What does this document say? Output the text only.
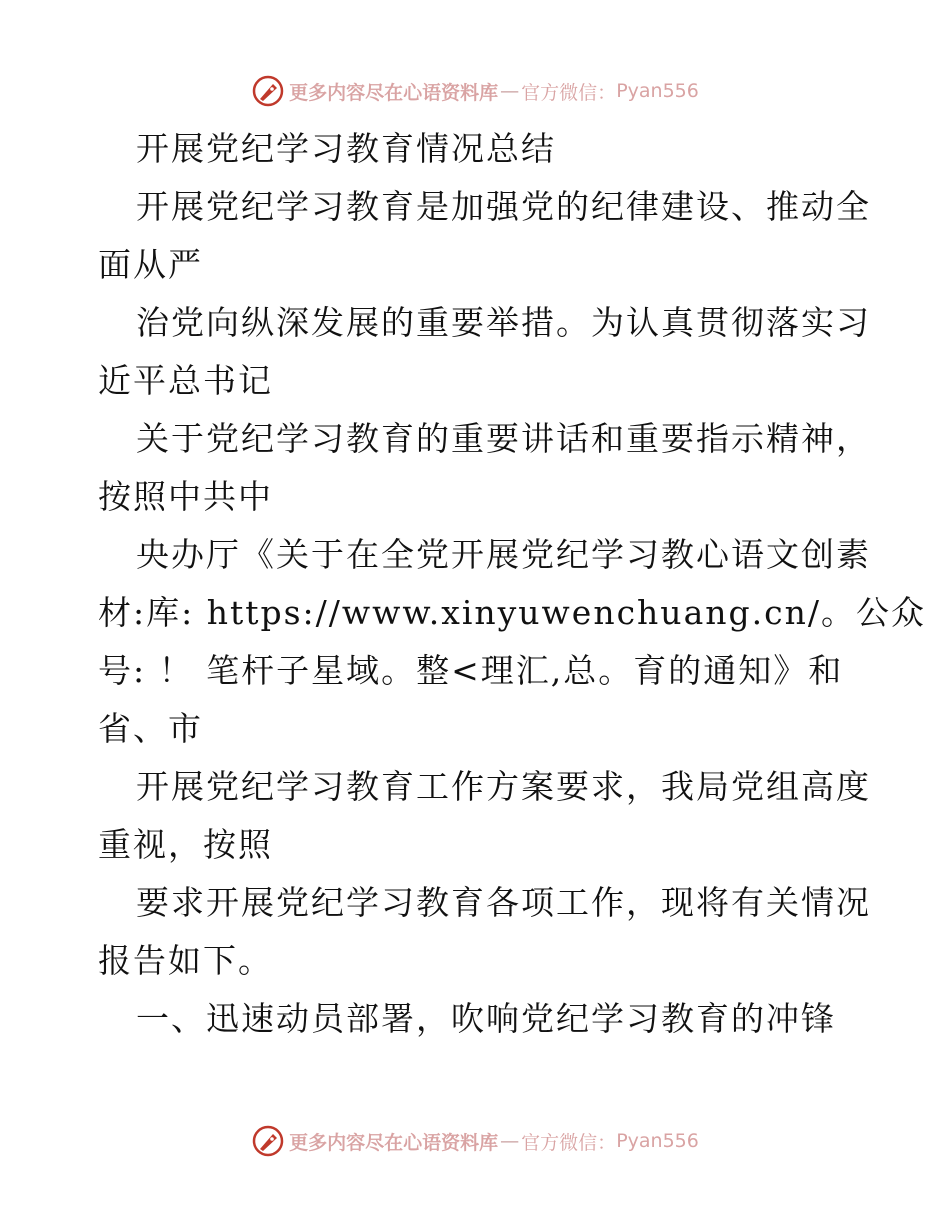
更多内容尽在心语资料库 — 官方微信： Pyan556
开展党纪学习教育情况总结
开展党纪学习教育是加强党的纪律建设、推动全
面从严
治党向纵深发展的重要举措。为认真贯彻落实习
近平总书记
关于党纪学习教育的重要讲话和重要指示精神，
按照中共中
央办厅《关于在全党开展党纪学习教心语文创素
材:库: https://www.xinyuwenchuang.cn/。公众
号: ！ 笔杆子星域。整<理汇,总。育的通知》和
省、市
开展党纪学习教育工作方案要求，我局党组高度
重视，按照
要求开展党纪学习教育各项工作，现将有关情况
报告如下。
一、迅速动员部署，吹响党纪学习教育的冲锋
更多内容尽在心语资料库 — 官方微信： Pyan556
